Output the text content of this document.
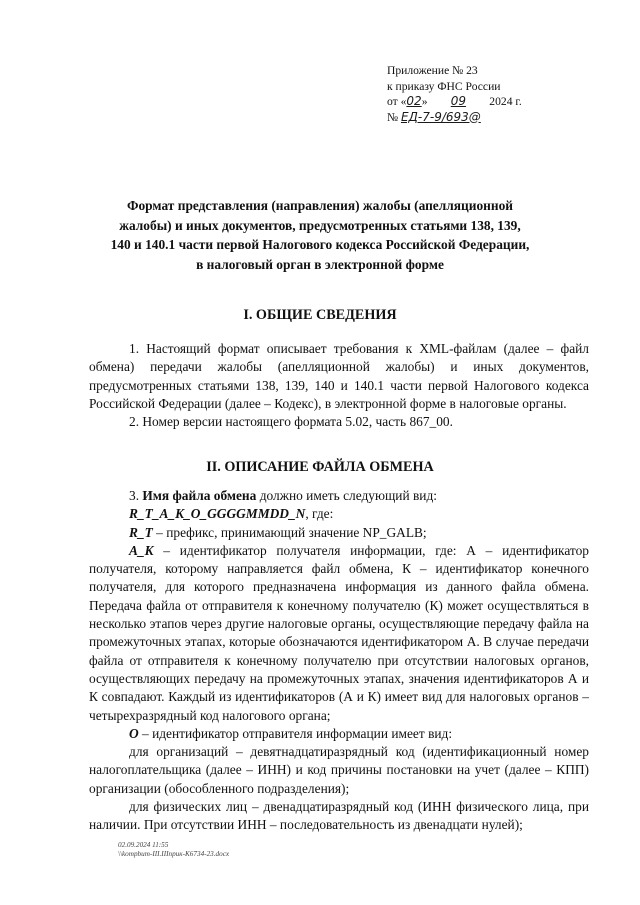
Приложение № 23
к приказу ФНС России
от «02» 09 2024 г.
№ ЕД-7-9/693@
Формат представления (направления) жалобы (апелляционной жалобы) и иных документов, предусмотренных статьями 138, 139, 140 и 140.1 части первой Налогового кодекса Российской Федерации, в налоговый орган в электронной форме
I. ОБЩИЕ СВЕДЕНИЯ

1. Настоящий формат описывает требования к XML-файлам (далее – файл обмена) передачи жалобы (апелляционной жалобы) и иных документов, предусмотренных статьями 138, 139, 140 и 140.1 части первой Налогового кодекса Российской Федерации (далее – Кодекс), в электронной форме в налоговые органы.

2. Номер версии настоящего формата 5.02, часть 867_00.

II. ОПИСАНИЕ ФАЙЛА ОБМЕНА

3. Имя файла обмена должно иметь следующий вид:

R_T_A_K_O_GGGGMMDD_N, где:

R_T – префикс, принимающий значение NP_GALB;

A_K – идентификатор получателя информации, где: А – идентификатор получателя, которому направляется файл обмена, К – идентификатор конечного получателя, для которого предназначена информация из данного файла обмена. Передача файла от отправителя к конечному получателю (К) может осуществляться в несколько этапов через другие налоговые органы, осуществляющие передачу файла на промежуточных этапах, которые обозначаются идентификатором А. В случае передачи файла от отправителя к конечному получателю при отсутствии налоговых органов, осуществляющих передачу на промежуточных этапах, значения идентификаторов А и К совпадают. Каждый из идентификаторов (А и К) имеет вид для налоговых органов – четырехразрядный код налогового органа;

O – идентификатор отправителя информации имеет вид:

для организаций – девятнадцатиразрядный код (идентификационный номер налогоплательщика (далее – ИНН) и код причины постановки на учет (далее – КПП) организации (обособленного подразделения);

для физических лиц – двенадцатиразрядный код (ИНН физического лица, при наличии. При отсутствии ИНН – последовательность из двенадцати нулей);

02.09.2024 11:55
\\kompbum-III.IIIприк-К6734-23.docx
